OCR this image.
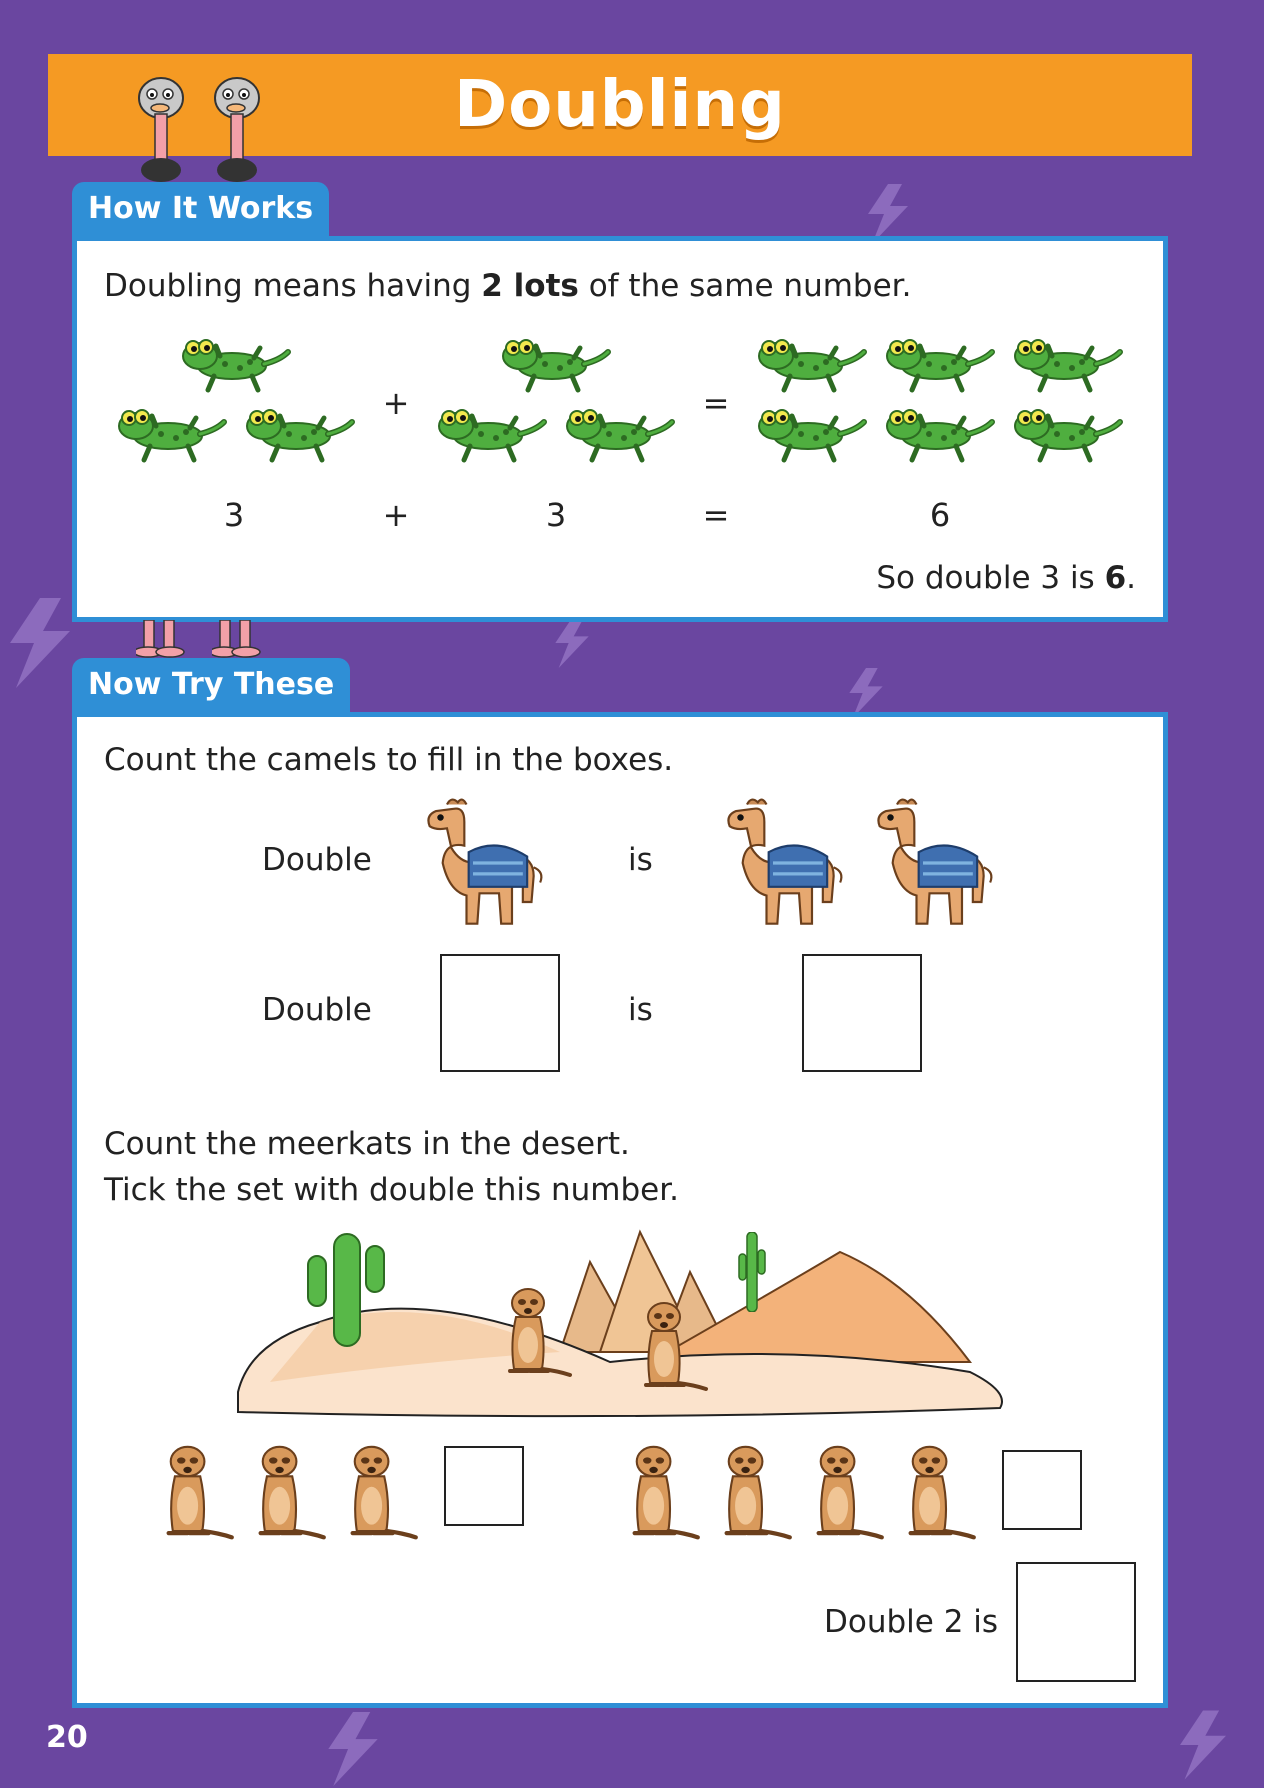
Doubling
How It Works
Doubling means having 2 lots of the same number.
+	=
3	+	3	=	6
So double 3 is 6.
Now Try These
Count the camels to fill in the boxes.
Double	is
Double	is
Count the meerkats in the desert.
Tick the set with double this number.
Double 2 is
20
